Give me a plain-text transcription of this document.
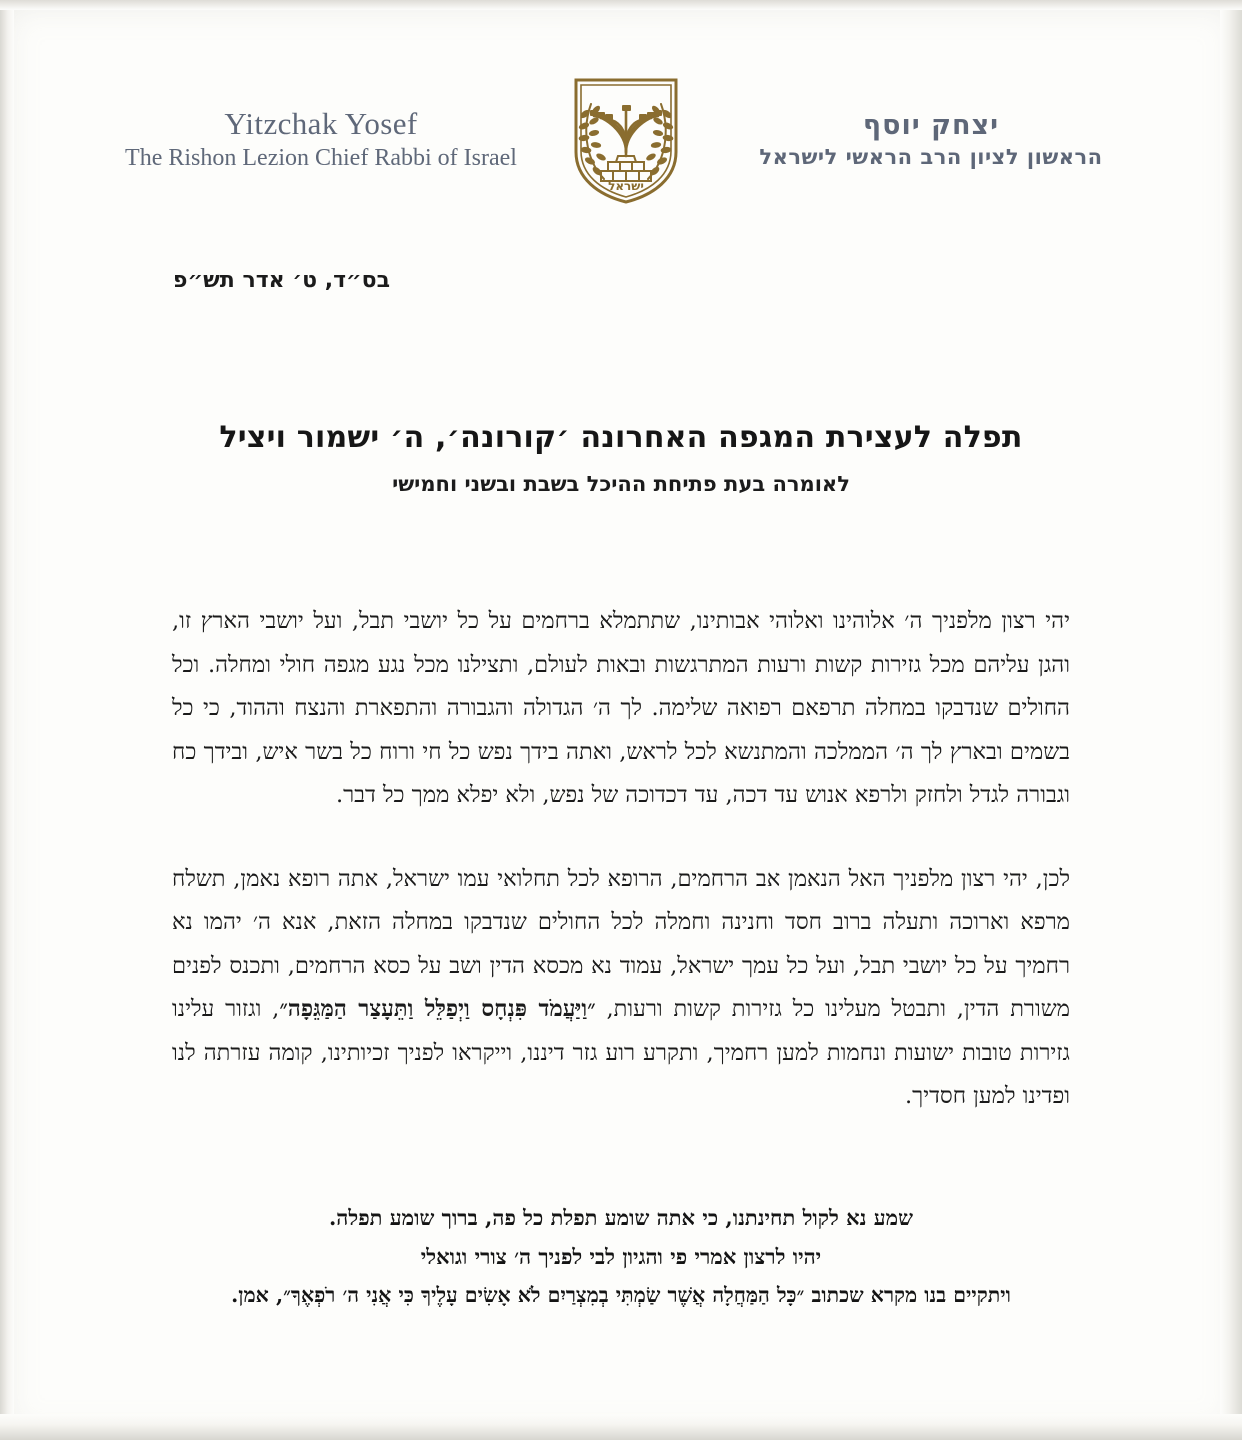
Yitzchak Yosef
The Rishon Lezion Chief Rabbi of Israel
ישראל
יצחק יוסף
הראשון לציון הרב הראשי לישראל
בס״ד, ט׳ אדר תש״פ
תפלה לעצירת המגפה האחרונה ׳קורונה׳, ה׳ ישמור ויציל
לאומרה בעת פתיחת ההיכל בשבת ובשני וחמישי

יהי רצון מלפניך ה׳ אלוהינו ואלוהי אבותינו, שתתמלא ברחמים על כל יושבי תבל, ועל יושבי הארץ זו, והגן עליהם מכל גזירות קשות ורעות המתרגשות ובאות לעולם, ותצילנו מכל נגע מגפה חולי ומחלה. וכל החולים שנדבקו במחלה תרפאם רפואה שלימה. לך ה׳ הגדולה והגבורה והתפארת והנצח וההוד, כי כל בשמים ובארץ לך ה׳ הממלכה והמתנשא לכל לראש, ואתה בידך נפש כל חי ורוח כל בשר איש, ובידך כח וגבורה לגדל ולחזק ולרפא אנוש עד דכה, עד דכדוכה של נפש, ולא יפלא ממך כל דבר.

לכן, יהי רצון מלפניך האל הנאמן אב הרחמים, הרופא לכל תחלואי עמו ישראל, אתה רופא נאמן, תשלח מרפא וארוכה ותעלה ברוב חסד וחנינה וחמלה לכל החולים שנדבקו במחלה הזאת, אנא ה׳ יהמו נא רחמיך על כל יושבי תבל, ועל כל עמך ישראל, עמוד נא מכסא הדין ושב על כסא הרחמים, ותכנס לפנים משורת הדין, ותבטל מעלינו כל גזירות קשות ורעות, ״וַיַּעֲמֹד פִּנְחָס וַיְפַלֵּל וַתֵּעָצַר הַמַּגֵּפָה״, וגזור עלינו גזירות טובות ישועות ונחמות למען רחמיך, ותקרע רוע גזר דיננו, וייקראו לפניך זכיותינו, קומה עזרתה לנו ופדינו למען חסדיך.

שמע נא לקול תחינתנו, כי אתה שומע תפלת כל פה, ברוך שומע תפלה.
יהיו לרצון אמרי פי והגיון לבי לפניך ה׳ צורי וגואלי
ויתקיים בנו מקרא שכתוב ״כָּל הַמַּחֲלָה אֲשֶׁר שַׂמְתִּי בְמִצְרַיִם לֹא אָשִׂים עָלֶיךָ כִּי אֲנִי ה׳ רֹפְאֶךָ״, אמן.
